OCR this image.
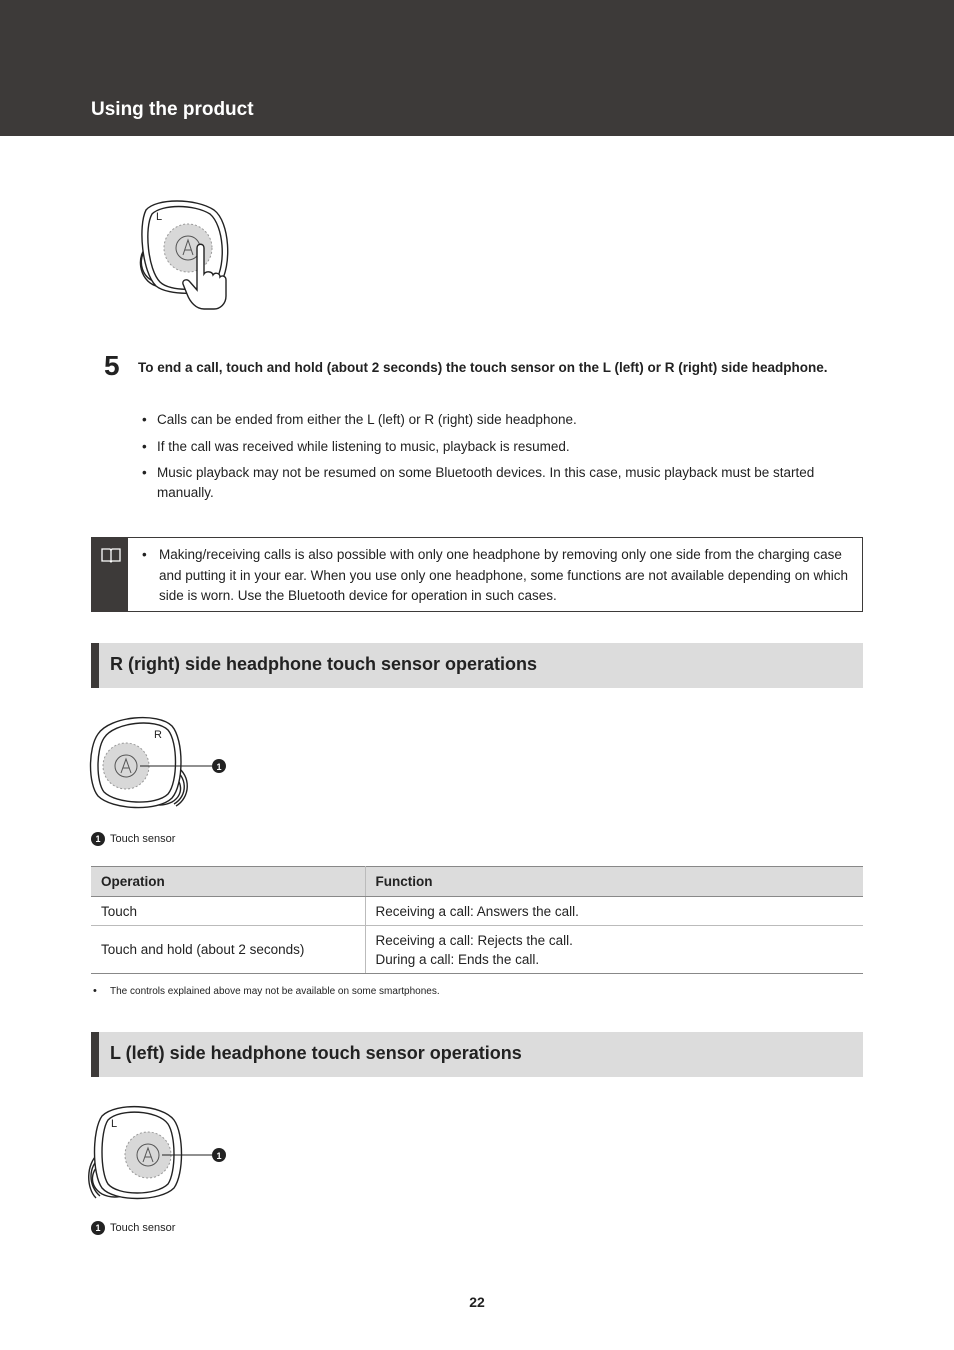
Using the product
L
5 To end a call, touch and hold (about 2 seconds) the touch sensor on the L (left) or R (right) side headphone.
• Calls can be ended from either the L (left) or R (right) side headphone.
• If the call was received while listening to music, playback is resumed.
• Music playback may not be resumed on some Bluetooth devices. In this case, music playback must be started manually.
• Making/receiving calls is also possible with only one headphone by removing only one side from the charging case and putting it in your ear. When you use only one headphone, some functions are not available depending on which side is worn. Use the Bluetooth device for operation in such cases.
R (right) side headphone touch sensor operations
R
1
1 Touch sensor
Operation	Function
Touch	Receiving a call: Answers the call.

Touch and hold (about 2 seconds)	Receiving a call: Rejects the call.
During a call: Ends the call.
• The controls explained above may not be available on some smartphones.
L (left) side headphone touch sensor operations
L
1
1 Touch sensor
22
